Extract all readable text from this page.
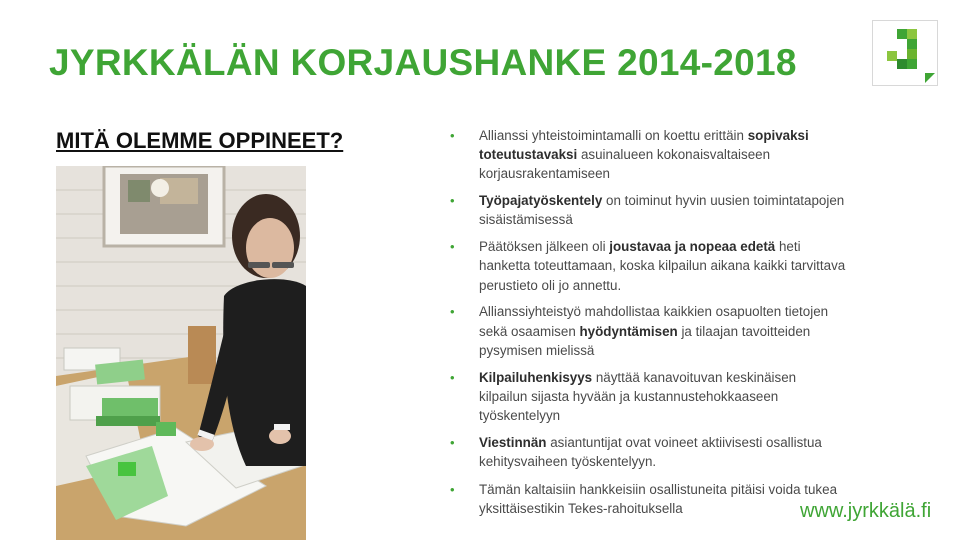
JYRKKÄLÄN KORJAUSHANKE 2014-2018
MITÄ OLEMME OPPINEET?	• Allianssi yhteistoimintamalli on koettu erittäin sopivaksi toteutustavaksi asuinalueen kokonaisvaltaiseen korjausrakentamiseen
• Työpajatyöskentely on toiminut hyvin uusien toimintatapojen sisäistämisessä
• Päätöksen jälkeen oli joustavaa ja nopeaa edetä heti hanketta toteuttamaan, koska kilpailun aikana kaikki tarvittava perustieto oli jo annettu.
• Allianssiyhteistyö mahdollistaa kaikkien osapuolten tietojen sekä osaamisen hyödyntämisen ja tilaajan tavoitteiden pysymisen mielissä
• Kilpailuhenkisyys näyttää kanavoituvan keskinäisen kilpailun sijasta hyvään ja kustannustehokkaaseen työskentelyyn
• Viestinnän asiantuntijat ovat voineet aktiivisesti osallistua kehitysvaiheen työskentelyyn.
• Tämän kaltaisiin hankkeisiin osallistuneita pitäisi voida tukea yksittäisestikin Tekes-rahoituksella	www.jyrkkälä.fi
